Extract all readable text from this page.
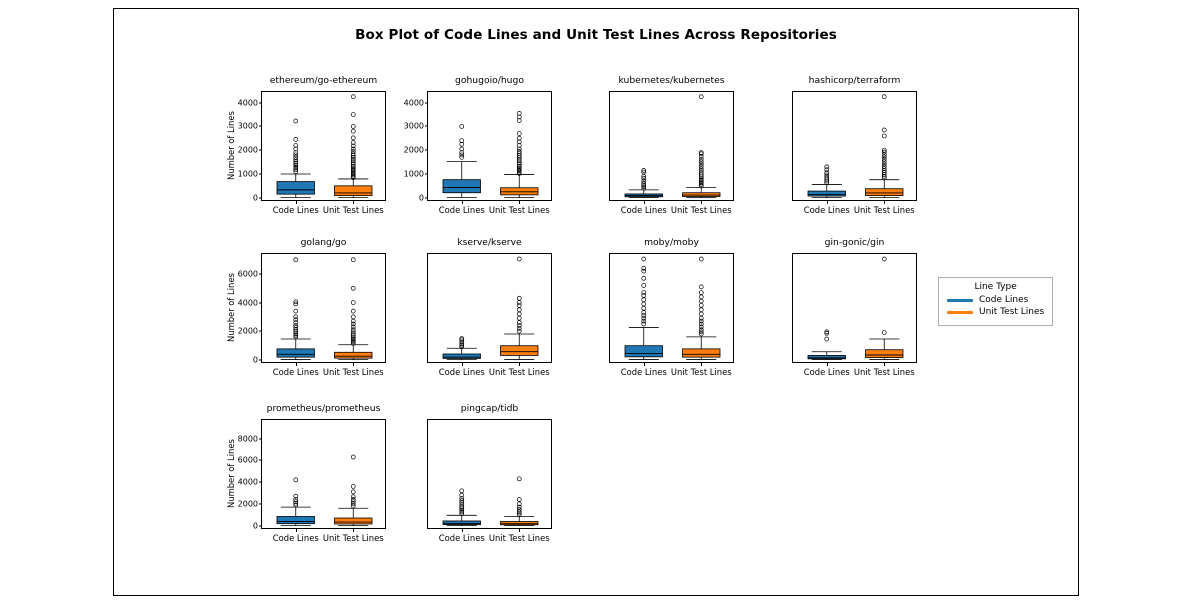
Box Plot of Code Lines and Unit Test Lines Across Repositories
ethereum/go-ethereum
0
1000
2000
3000
4000
Number of Lines
Code Lines Unit Test Lines
gohugoio/hugo
0
1000
2000
3000
4000
Code Lines Unit Test Lines
kubernetes/kubernetes
Code Lines Unit Test Lines
hashicorp/terraform
Code Lines Unit Test Lines
golang/go
0
2000
4000
6000
Number of Lines
Code Lines Unit Test Lines
kserve/kserve
Code Lines Unit Test Lines
moby/moby
Code Lines Unit Test Lines
gin-gonic/gin
Code Lines Unit Test Lines
prometheus/prometheus
0
2000
4000
6000
8000
Number of Lines
Code Lines Unit Test Lines
pingcap/tidb
Code Lines Unit Test Lines
Line Type
Code Lines
Unit Test Lines
